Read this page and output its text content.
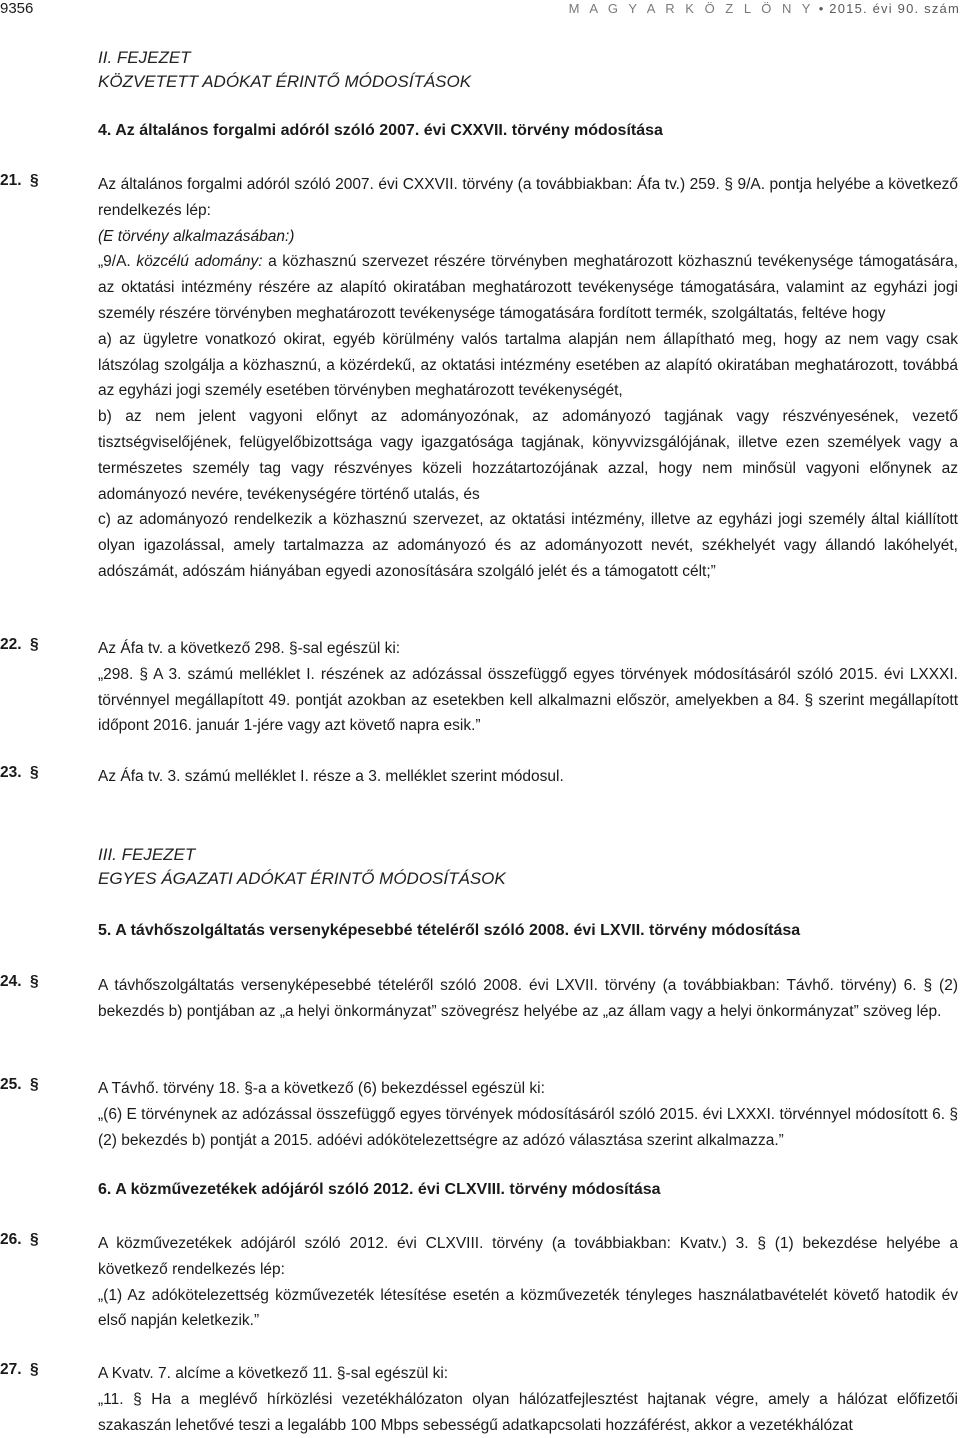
9356	M A G Y A R K Ö Z L Ö N Y • 2015. évi 90. szám
II. FEJEZET
KÖZVETETT ADÓKAT ÉRINTŐ MÓDOSÍTÁSOK
4. Az általános forgalmi adóról szóló 2007. évi CXXVII. törvény módosítása
21. §	Az általános forgalmi adóról szóló 2007. évi CXXVII. törvény (a továbbiakban: Áfa tv.) 259. § 9/A. pontja helyébe a következő rendelkezés lép:

(E törvény alkalmazásában:)

„9/A. közcélú adomány: a közhasznú szervezet részére törvényben meghatározott közhasznú tevékenysége támogatására, az oktatási intézmény részére az alapító okiratában meghatározott tevékenysége támogatására, valamint az egyházi jogi személy részére törvényben meghatározott tevékenysége támogatására fordított termék, szolgáltatás, feltéve hogy

a) az ügyletre vonatkozó okirat, egyéb körülmény valós tartalma alapján nem állapítható meg, hogy az nem vagy csak látszólag szolgálja a közhasznú, a közérdekű, az oktatási intézmény esetében az alapító okiratában meghatározott, továbbá az egyházi jogi személy esetében törvényben meghatározott tevékenységét,

b) az nem jelent vagyoni előnyt az adományozónak, az adományozó tagjának vagy részvényesének, vezető tisztségviselőjének, felügyelőbizottsága vagy igazgatósága tagjának, könyvvizsgálójának, illetve ezen személyek vagy a természetes személy tag vagy részvényes közeli hozzátartozójának azzal, hogy nem minősül vagyoni előnynek az adományozó nevére, tevékenységére történő utalás, és

c) az adományozó rendelkezik a közhasznú szervezet, az oktatási intézmény, illetve az egyházi jogi személy által kiállított olyan igazolással, amely tartalmazza az adományozó és az adományozott nevét, székhelyét vagy állandó lakóhelyét, adószámát, adószám hiányában egyedi azonosítására szolgáló jelét és a támogatott célt;”

22. §	Az Áfa tv. a következő 298. §-sal egészül ki:

„298. § A 3. számú melléklet I. részének az adózással összefüggő egyes törvények módosításáról szóló 2015. évi LXXXI. törvénnyel megállapított 49. pontját azokban az esetekben kell alkalmazni először, amelyekben a 84. § szerint megállapított időpont 2016. január 1-jére vagy azt követő napra esik.”

23. §	Az Áfa tv. 3. számú melléklet I. része a 3. melléklet szerint módosul.

III. FEJEZET
EGYES ÁGAZATI ADÓKAT ÉRINTŐ MÓDOSÍTÁSOK
5. A távhőszolgáltatás versenyképesebbé tételéről szóló 2008. évi LXVII. törvény módosítása
24. §	A távhőszolgáltatás versenyképesebbé tételéről szóló 2008. évi LXVII. törvény (a továbbiakban: Távhő. törvény) 6. § (2) bekezdés b) pontjában az „a helyi önkormányzat” szövegrész helyébe az „az állam vagy a helyi önkormányzat” szöveg lép.

25. §	A Távhő. törvény 18. §-a a következő (6) bekezdéssel egészül ki:

„(6) E törvénynek az adózással összefüggő egyes törvények módosításáról szóló 2015. évi LXXXI. törvénnyel módosított 6. § (2) bekezdés b) pontját a 2015. adóévi adókötelezettségre az adózó választása szerint alkalmazza.”

6. A közművezetékek adójáról szóló 2012. évi CLXVIII. törvény módosítása
26. §	A közművezetékek adójáról szóló 2012. évi CLXVIII. törvény (a továbbiakban: Kvatv.) 3. § (1) bekezdése helyébe a következő rendelkezés lép:

„(1) Az adókötelezettség közművezeték létesítése esetén a közművezeték tényleges használatbavételét követő hatodik év első napján keletkezik.”

27. §	A Kvatv. 7. alcíme a következő 11. §-sal egészül ki:

„11. § Ha a meglévő hírközlési vezetékhálózaton olyan hálózatfejlesztést hajtanak végre, amely a hálózat előfizetői szakaszán lehetővé teszi a legalább 100 Mbps sebességű adatkapcsolati hozzáférést, akkor a vezetékhálózat
